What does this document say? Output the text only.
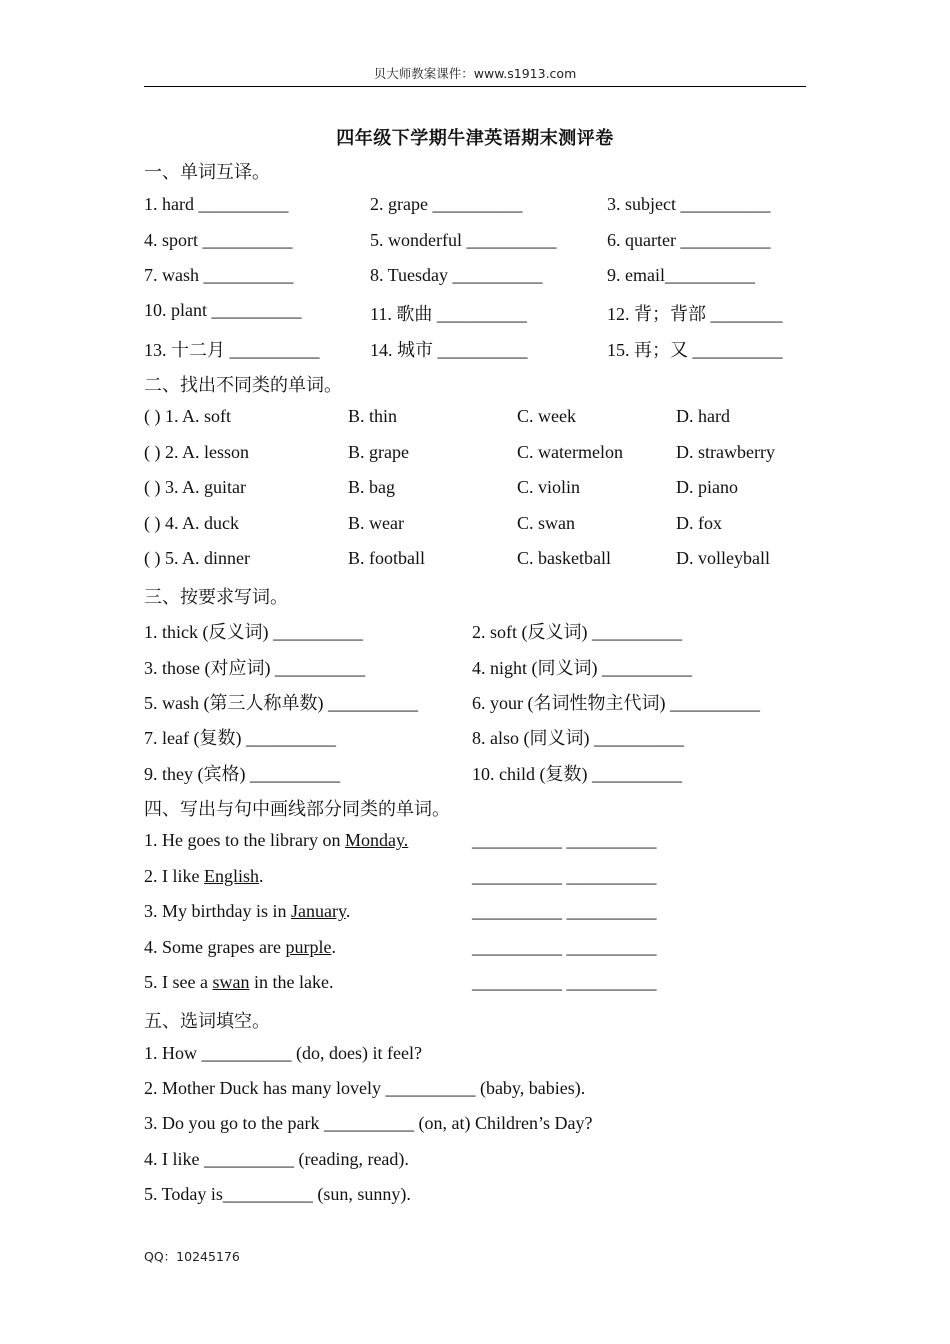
贝大师教案课件：www.s1913.com
四年级下学期牛津英语期末测评卷
一、单词互译。
1. hard __________	2. grape __________	3. subject __________
4. sport __________	5. wonderful __________	6. quarter __________
7. wash __________	8. Tuesday __________	9. email__________
10. plant __________	11. 歌曲 __________	12. 背；背部 ________
13. 十二月 __________	14. 城市 __________	15. 再；又 __________
二、找出不同类的单词。
( ) 1. A. soft	B. thin	C. week	D. hard
( ) 2. A. lesson	B. grape	C. watermelon	D. strawberry
( ) 3. A. guitar	B. bag	C. violin	D. piano
( ) 4. A. duck	B. wear	C. swan	D. fox
( ) 5. A. dinner	B. football	C. basketball	D. volleyball
三、按要求写词。
1. thick (反义词) __________	2. soft (反义词) __________
3. those (对应词) __________	4. night (同义词) __________
5. wash (第三人称单数) __________	6. your (名词性物主代词) __________
7. leaf (复数) __________	8. also (同义词) __________
9. they (宾格) __________	10. child (复数) __________
四、写出与句中画线部分同类的单词。
1. He goes to the library on Monday.	__________ __________
2. I like English.	__________ __________
3. My birthday is in January.	__________ __________
4. Some grapes are purple.	__________ __________
5. I see a swan in the lake.	__________ __________
五、选词填空。
1. How __________ (do, does) it feel?
2. Mother Duck has many lovely __________ (baby, babies).
3. Do you go to the park __________ (on, at) Children’s Day?
4. I like __________ (reading, read).
5. Today is__________ (sun, sunny).
QQ：10245176
